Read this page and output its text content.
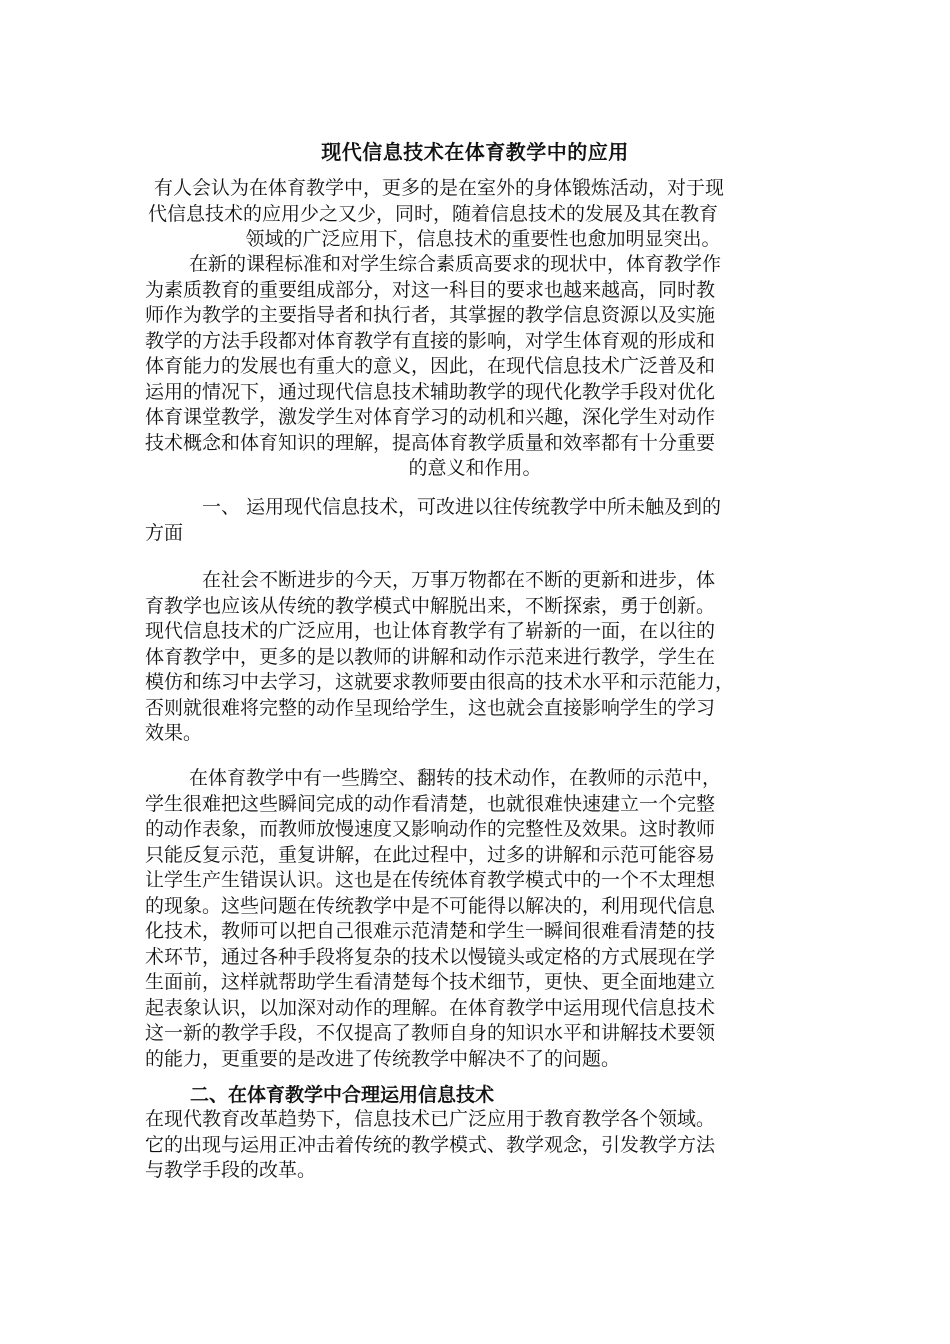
现代信息技术在体育教学中的应用
有人会认为在体育教学中，更多的是在室外的身体锻炼活动，对于现
代信息技术的应用少之又少，同时，随着信息技术的发展及其在教育
领域的广泛应用下，信息技术的重要性也愈加明显突出。
在新的课程标准和对学生综合素质高要求的现状中，体育教学作
为素质教育的重要组成部分，对这一科目的要求也越来越高，同时教
师作为教学的主要指导者和执行者，其掌握的教学信息资源以及实施
教学的方法手段都对体育教学有直接的影响，对学生体育观的形成和
体育能力的发展也有重大的意义，因此，在现代信息技术广泛普及和
运用的情况下，通过现代信息技术辅助教学的现代化教学手段对优化
体育课堂教学，激发学生对体育学习的动机和兴趣，深化学生对动作
技术概念和体育知识的理解，提高体育教学质量和效率都有十分重要
的意义和作用。
一、 运用现代信息技术，可改进以往传统教学中所未触及到的
方面
在社会不断进步的今天，万事万物都在不断的更新和进步，体
育教学也应该从传统的教学模式中解脱出来，不断探索，勇于创新。
现代信息技术的广泛应用，也让体育教学有了崭新的一面，在以往的
体育教学中，更多的是以教师的讲解和动作示范来进行教学，学生在
模仿和练习中去学习，这就要求教师要由很高的技术水平和示范能力，
否则就很难将完整的动作呈现给学生，这也就会直接影响学生的学习
效果。
在体育教学中有一些腾空、翻转的技术动作，在教师的示范中，
学生很难把这些瞬间完成的动作看清楚，也就很难快速建立一个完整
的动作表象，而教师放慢速度又影响动作的完整性及效果。这时教师
只能反复示范，重复讲解，在此过程中，过多的讲解和示范可能容易
让学生产生错误认识。这也是在传统体育教学模式中的一个不太理想
的现象。这些问题在传统教学中是不可能得以解决的，利用现代信息
化技术，教师可以把自己很难示范清楚和学生一瞬间很难看清楚的技
术环节，通过各种手段将复杂的技术以慢镜头或定格的方式展现在学
生面前，这样就帮助学生看清楚每个技术细节，更快、更全面地建立
起表象认识，以加深对动作的理解。在体育教学中运用现代信息技术
这一新的教学手段，不仅提高了教师自身的知识水平和讲解技术要领
的能力，更重要的是改进了传统教学中解决不了的问题。
二、在体育教学中合理运用信息技术
在现代教育改革趋势下，信息技术已广泛应用于教育教学各个领域。
它的出现与运用正冲击着传统的教学模式、教学观念，引发教学方法
与教学手段的改革。
